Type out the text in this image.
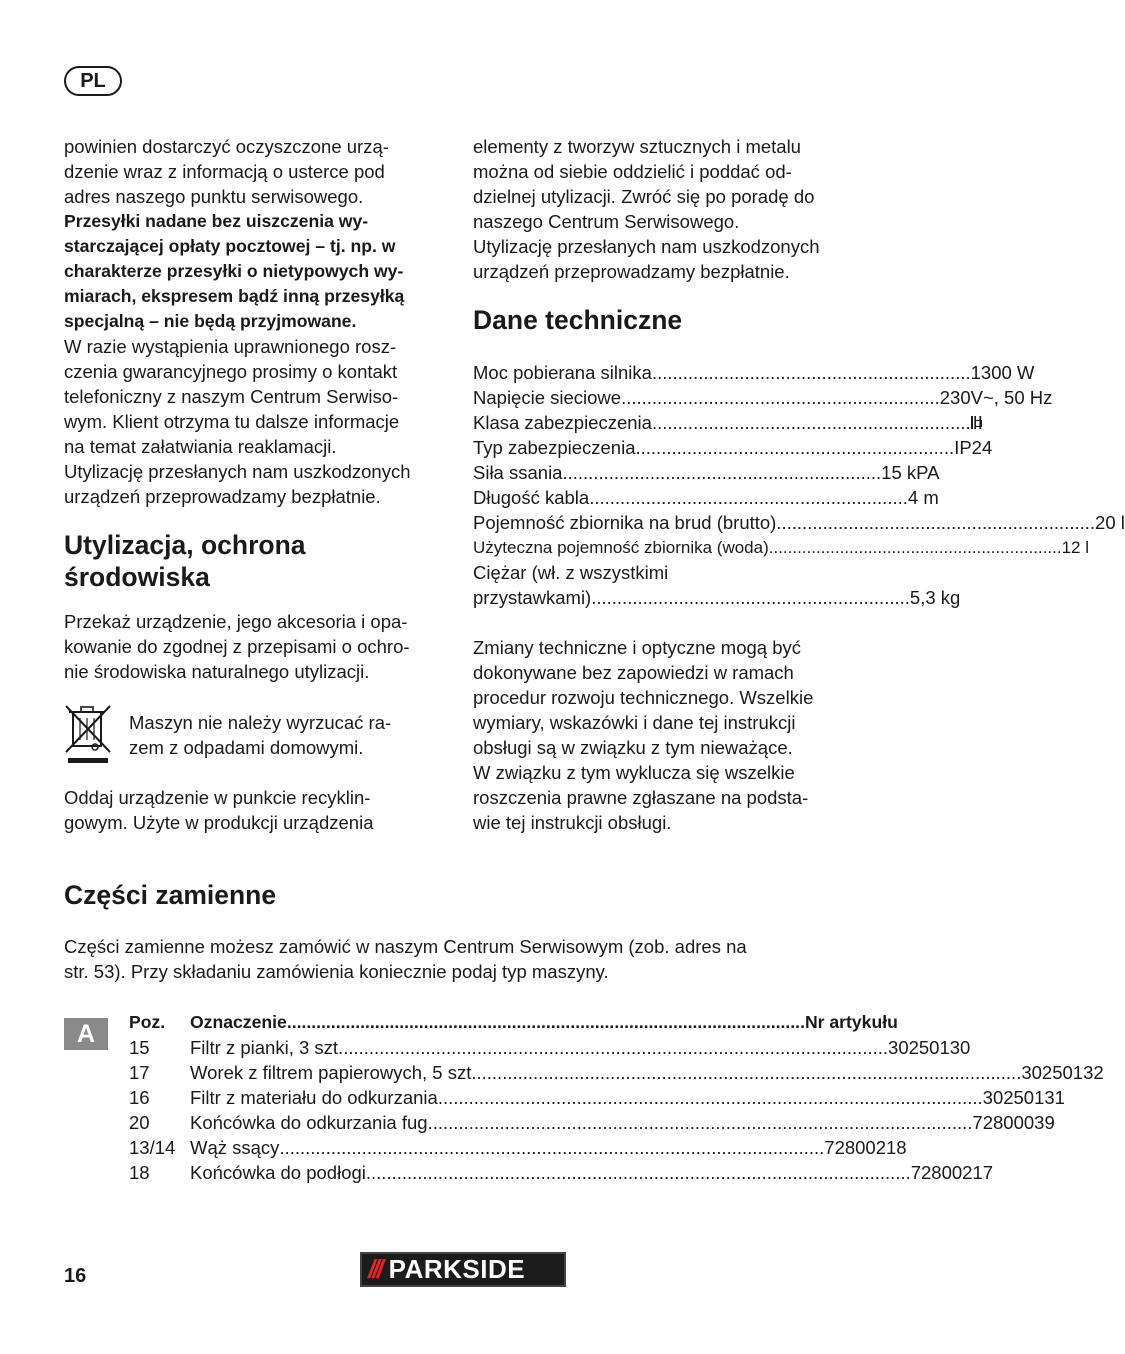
PL

powinien dostarczyć oczyszczone urzą-
dzenie wraz z informacją o usterce pod
adres naszego punktu serwisowego.

Przesyłki nadane bez uiszczenia wy-
starczającej opłaty pocztowej – tj. np. w
charakterze przesyłki o nietypowych wy-
miarach, ekspresem bądź inną przesyłką
specjalną – nie będą przyjmowane.

W razie wystąpienia uprawnionego rosz-
czenia gwarancyjnego prosimy o kontakt
telefoniczny z naszym Centrum Serwiso-
wym. Klient otrzyma tu dalsze informacje
na temat załatwiania reaklamacji.
Utylizację przesłanych nam uszkodzonych
urządzeń przeprowadzamy bezpłatnie.

Utylizacja, ochrona
środowiska

Przekaż urządzenie, jego akcesoria i opa-
kowanie do zgodnej z przepisami o ochro-
nie środowiska naturalnego utylizacji.

Maszyn nie należy wyrzucać ra-
zem z odpadami domowymi.

Oddaj urządzenie w punkcie recyklin-
gowym. Użyte w produkcji urządzenia

elementy z tworzyw sztucznych i metalu
można od siebie oddzielić i poddać od-
dzielnej utylizacji. Zwróć się po poradę do
naszego Centrum Serwisowego.
Utylizację przesłanych nam uszkodzonych
urządzeń przeprowadzamy bezpłatnie.

Dane techniczne
Moc pobierana silnika .............................................................. 1300 W
Napięcie sieciowe .............................................................. 230V~, 50 Hz
Klasa zabezpieczenia .............................................................. II
Typ zabezpieczenia .............................................................. IP24
Siła ssania .............................................................. 15 kPA
Długość kabla .............................................................. 4 m
Pojemność zbiornika na brud (brutto) .............................................................. 20 l
Użyteczna pojemność zbiornika (woda) .............................................................. 12 l
Ciężar (wł. z wszystkimi
przystawkami) .............................................................. 5,3 kg

Zmiany techniczne i optyczne mogą być
dokonywane bez zapowiedzi w ramach
procedur rozwoju technicznego. Wszelkie
wymiary, wskazówki i dane tej instrukcji
obsługi są w związku z tym nieważące.
W związku z tym wyklucza się wszelkie
roszczenia prawne zgłaszane na podsta-
wie tej instrukcji obsługi.

Części zamienne

Części zamienne możesz zamówić w naszym Centrum Serwisowym (zob. adres na
str. 53). Przy składaniu zamówienia koniecznie podaj typ maszyny.

A	Poz.	Oznaczenie .......................................................................................................... Nr artykułu
15	Filtr z pianki, 3 szt. .......................................................................................................... 30250130
17	Worek z filtrem papierowych, 5 szt. .......................................................................................................... 30250132
16	Filtr z materiału do odkurzania .......................................................................................................... 30250131
20	Końcówka do odkurzania fug .......................................................................................................... 72800039
13/14 Wąż ssący .......................................................................................................... 72800218
18	Końcówka do podłogi .......................................................................................................... 72800217
16	/// PARKSIDE
